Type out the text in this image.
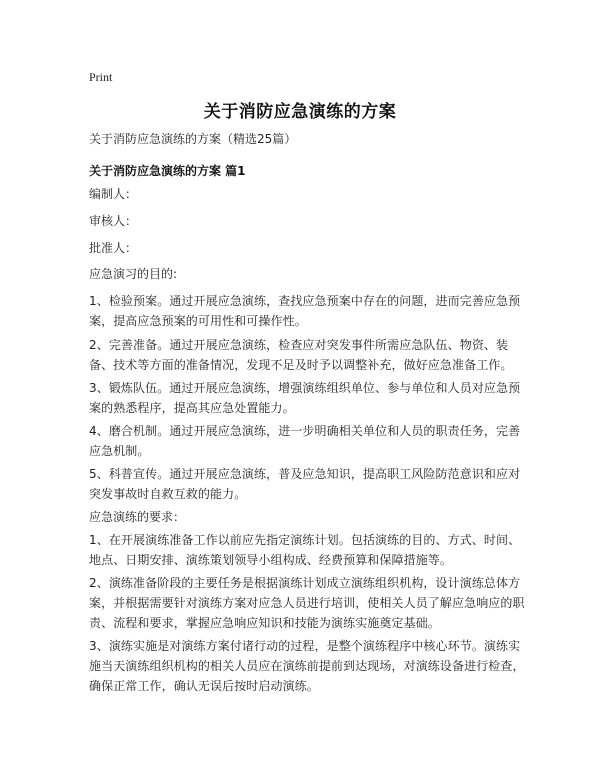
Print
关于消防应急演练的方案
关于消防应急演练的方案（精选25篇）
关于消防应急演练的方案 篇1
编制人：
审核人：
批准人：
应急演习的目的:
1、检验预案。通过开展应急演练，查找应急预案中存在的问题，进而完善应急预案，提高应急预案的可用性和可操作性。
2、完善准备。通过开展应急演练，检查应对突发事件所需应急队伍、物资、装备、技术等方面的准备情况，发现不足及时予以调整补充，做好应急准备工作。
3、锻炼队伍。通过开展应急演练，增强演练组织单位、参与单位和人员对应急预案的熟悉程序，提高其应急处置能力。
4、磨合机制。通过开展应急演练，进一步明确相关单位和人员的职责任务，完善应急机制。
5、科普宣传。通过开展应急演练，普及应急知识，提高职工风险防范意识和应对突发事故时自救互救的能力。
应急演练的要求：
1、在开展演练准备工作以前应先指定演练计划。包括演练的目的、方式、时间、地点、日期安排、演练策划领导小组构成、经费预算和保障措施等。
2、演练准备阶段的主要任务是根据演练计划成立演练组织机构，设计演练总体方案，并根据需要针对演练方案对应急人员进行培训，使相关人员了解应急响应的职责、流程和要求，掌握应急响应知识和技能为演练实施奠定基础。
3、演练实施是对演练方案付诸行动的过程，是整个演练程序中核心环节。演练实施当天演练组织机构的相关人员应在演练前提前到达现场，对演练设备进行检查，确保正常工作，确认无误后按时启动演练。
